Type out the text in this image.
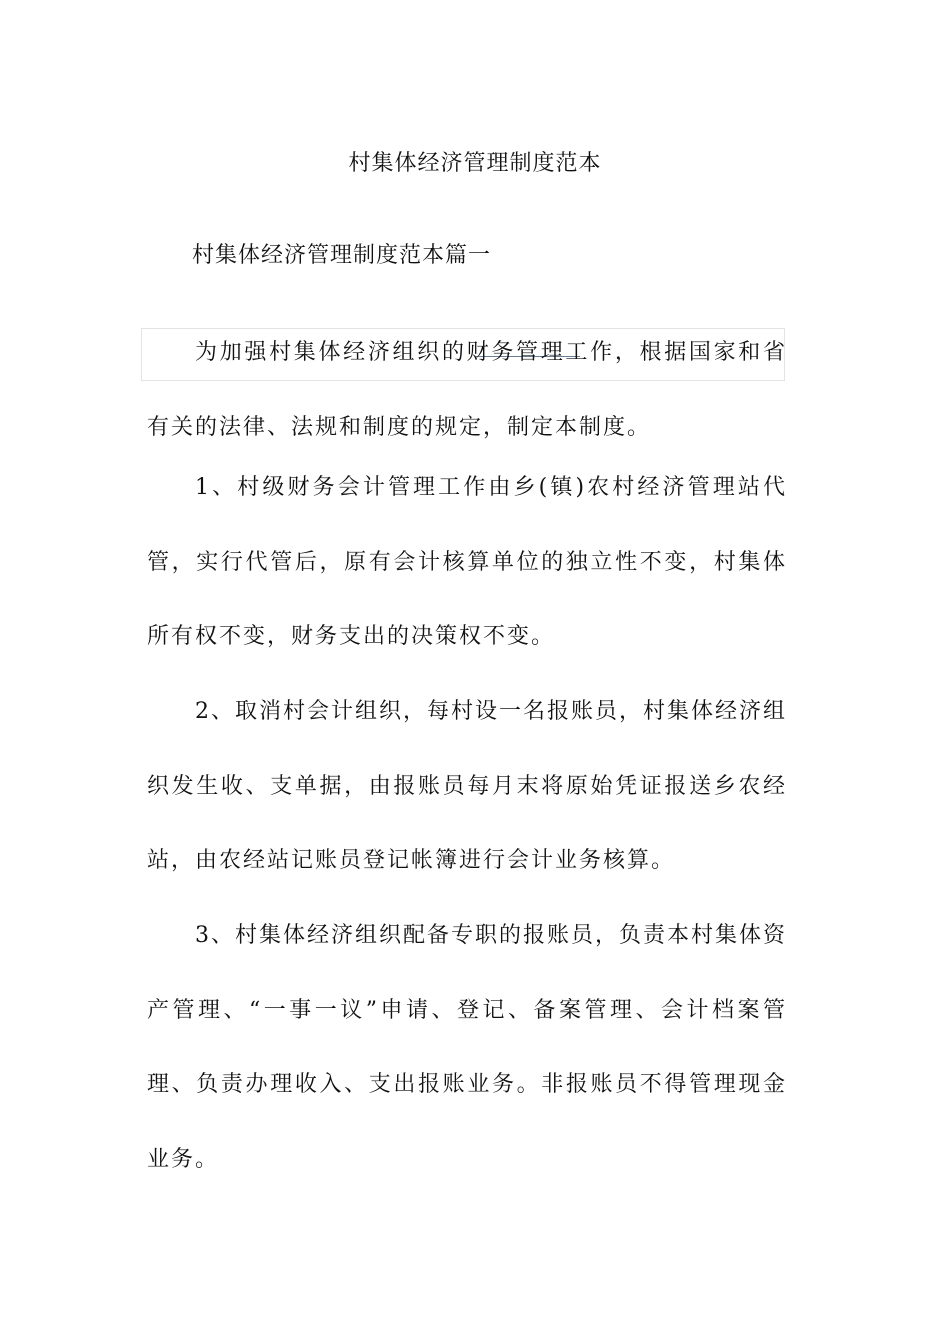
村集体经济管理制度范本
村集体经济管理制度范本篇一

为加强村集体经济组织的财务管理工作，根据国家和省有关的法律、法规和制度的规定，制定本制度。

1、村级财务会计管理工作由乡(镇)农村经济管理站代管，实行代管后，原有会计核算单位的独立性不变，村集体所有权不变，财务支出的决策权不变。

2、取消村会计组织，每村设一名报账员，村集体经济组织发生收、支单据，由报账员每月末将原始凭证报送乡农经站，由农经站记账员登记帐簿进行会计业务核算。

3、村集体经济组织配备专职的报账员，负责本村集体资产管理、“一事一议”申请、登记、备案管理、会计档案管理、负责办理收入、支出报账业务。非报账员不得管理现金业务。
